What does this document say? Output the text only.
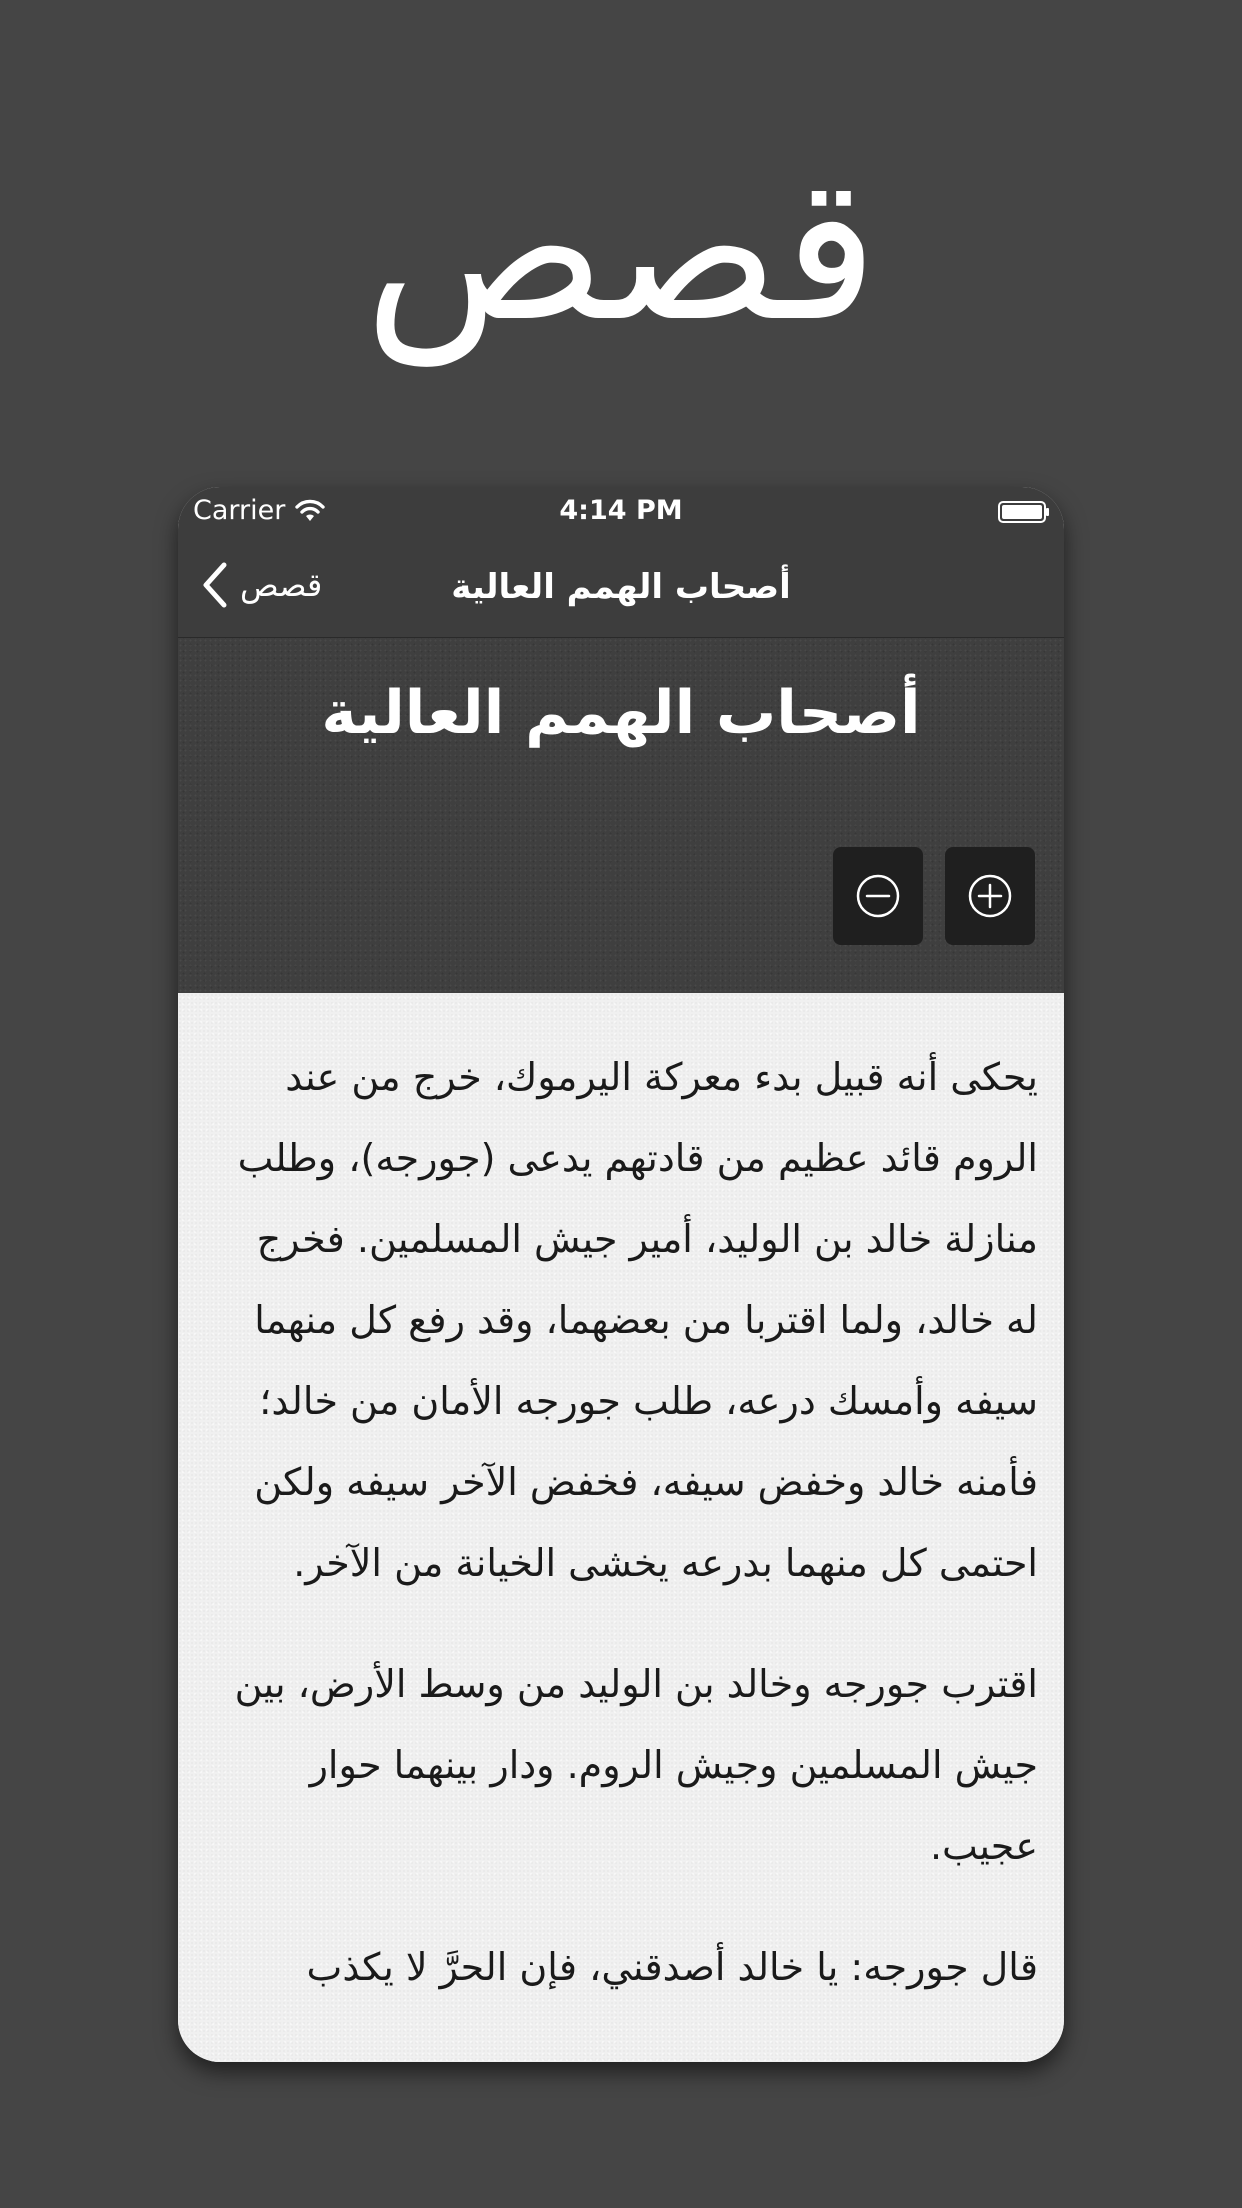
قصص
Carrier	4:14 PM
قصص	أصحاب الهمم العالية
أصحاب الهمم العالية

يحكى أنه قبيل بدء معركة اليرموك، خرج من عند الروم قائد عظيم من قادتهم يدعى (جورجه)، وطلب منازلة خالد بن الوليد، أمير جيش المسلمين. فخرج له خالد، ولما اقتربا من بعضهما، وقد رفع كل منهما سيفه وأمسك درعه، طلب جورجه الأمان من خالد؛ فأمنه خالد وخفض سيفه، فخفض الآخر سيفه ولكن احتمى كل منهما بدرعه يخشى الخيانة من الآخر.

اقترب جورجه وخالد بن الوليد من وسط الأرض، بين جيش المسلمين وجيش الروم. ودار بينهما حوار عجيب.

قال جورجه: يا خالد أصدقني، فإن الحرَّ لا يكذب
